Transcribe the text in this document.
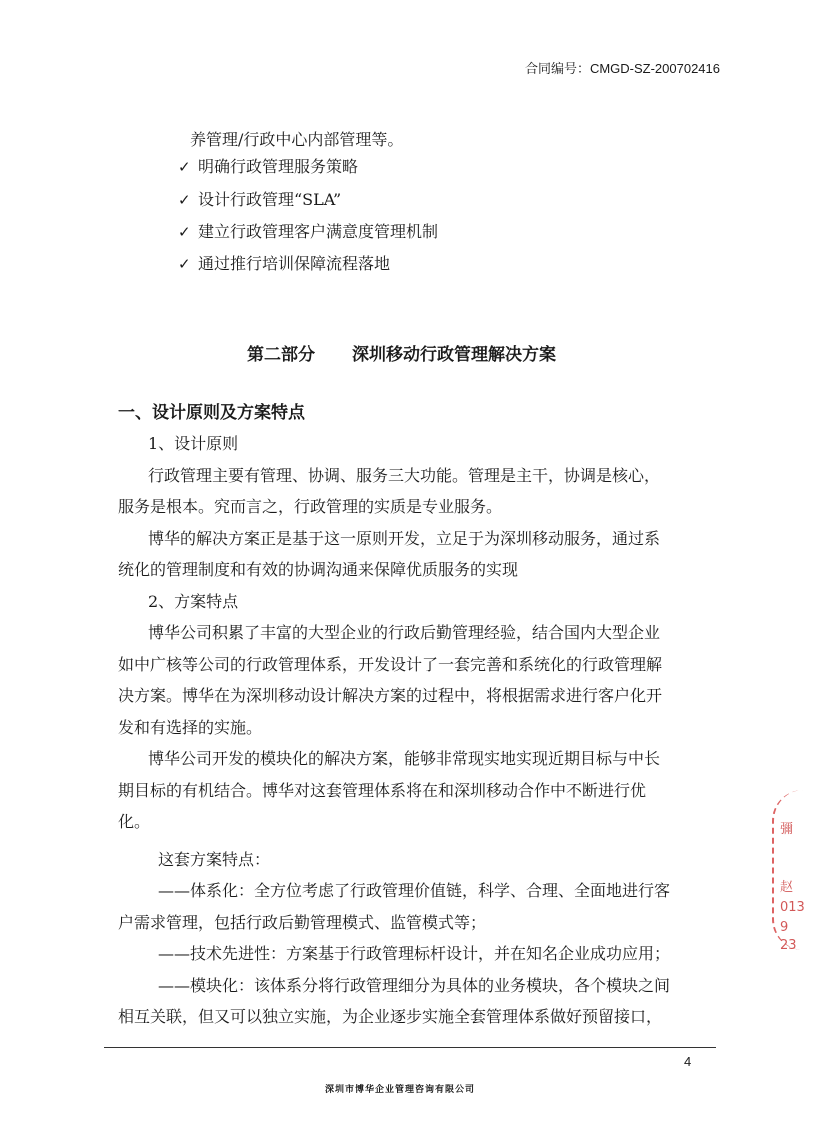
合同编号：CMGD-SZ-200702416
养管理/行政中心内部管理等。
✓ 明确行政管理服务策略
✓ 设计行政管理“SLA”
✓ 建立行政管理客户满意度管理机制
✓ 通过推行培训保障流程落地
第二部分 深圳移动行政管理解决方案
一、设计原则及方案特点
1、设计原则
行政管理主要有管理、协调、服务三大功能。管理是主干，协调是核心，
服务是根本。究而言之，行政管理的实质是专业服务。
博华的解决方案正是基于这一原则开发，立足于为深圳移动服务，通过系
统化的管理制度和有效的协调沟通来保障优质服务的实现
2、方案特点
博华公司积累了丰富的大型企业的行政后勤管理经验，结合国内大型企业
如中广核等公司的行政管理体系，开发设计了一套完善和系统化的行政管理解
决方案。博华在为深圳移动设计解决方案的过程中，将根据需求进行客户化开
发和有选择的实施。
博华公司开发的模块化的解决方案，能够非常现实地实现近期目标与中长
期目标的有机结合。博华对这套管理体系将在和深圳移动合作中不断进行优
化。
这套方案特点：
——体系化：全方位考虑了行政管理价值链，科学、合理、全面地进行客
户需求管理，包括行政后勤管理模式、监管模式等；
——技术先进性：方案基于行政管理标杆设计，并在知名企业成功应用；
——模块化：该体系分将行政管理细分为具体的业务模块，各个模块之间
相互关联，但又可以独立实施，为企业逐步实施全套管理体系做好预留接口，
4
深圳市博华企业管理咨询有限公司
彌
赵
013
9
23
